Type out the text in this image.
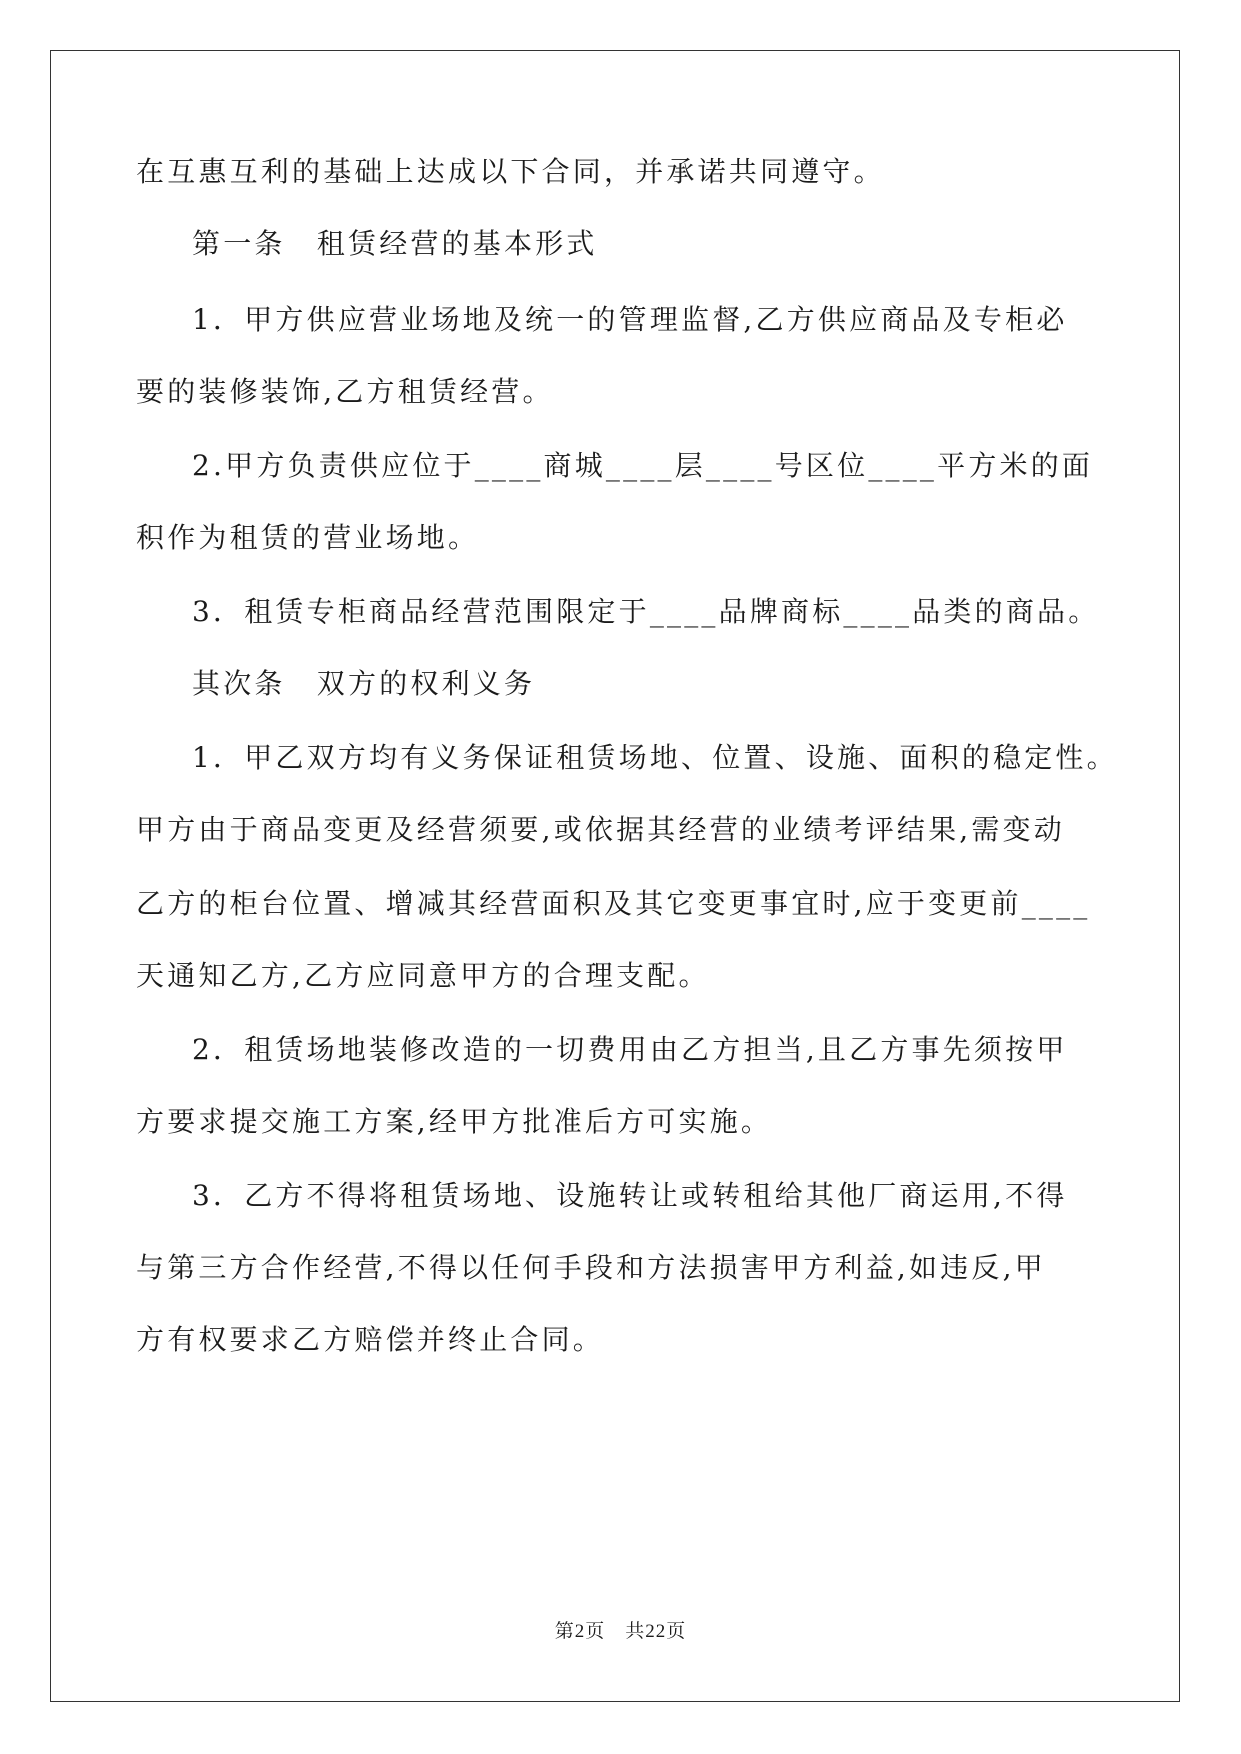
在互惠互利的基础上达成以下合同，并承诺共同遵守。
第一条　租赁经营的基本形式
1．甲方供应营业场地及统一的管理监督,乙方供应商品及专柜必
要的装修装饰,乙方租赁经营。
2.甲方负责供应位于____商城____层____号区位____平方米的面
积作为租赁的营业场地。
3．租赁专柜商品经营范围限定于____品牌商标____品类的商品。
其次条　双方的权利义务
1．甲乙双方均有义务保证租赁场地、位置、设施、面积的稳定性。
甲方由于商品变更及经营须要,或依据其经营的业绩考评结果,需变动
乙方的柜台位置、增减其经营面积及其它变更事宜时,应于变更前____
天通知乙方,乙方应同意甲方的合理支配。
2．租赁场地装修改造的一切费用由乙方担当,且乙方事先须按甲
方要求提交施工方案,经甲方批准后方可实施。
3．乙方不得将租赁场地、设施转让或转租给其他厂商运用,不得
与第三方合作经营,不得以任何手段和方法损害甲方利益,如违反,甲
方有权要求乙方赔偿并终止合同。
第2页　共22页
